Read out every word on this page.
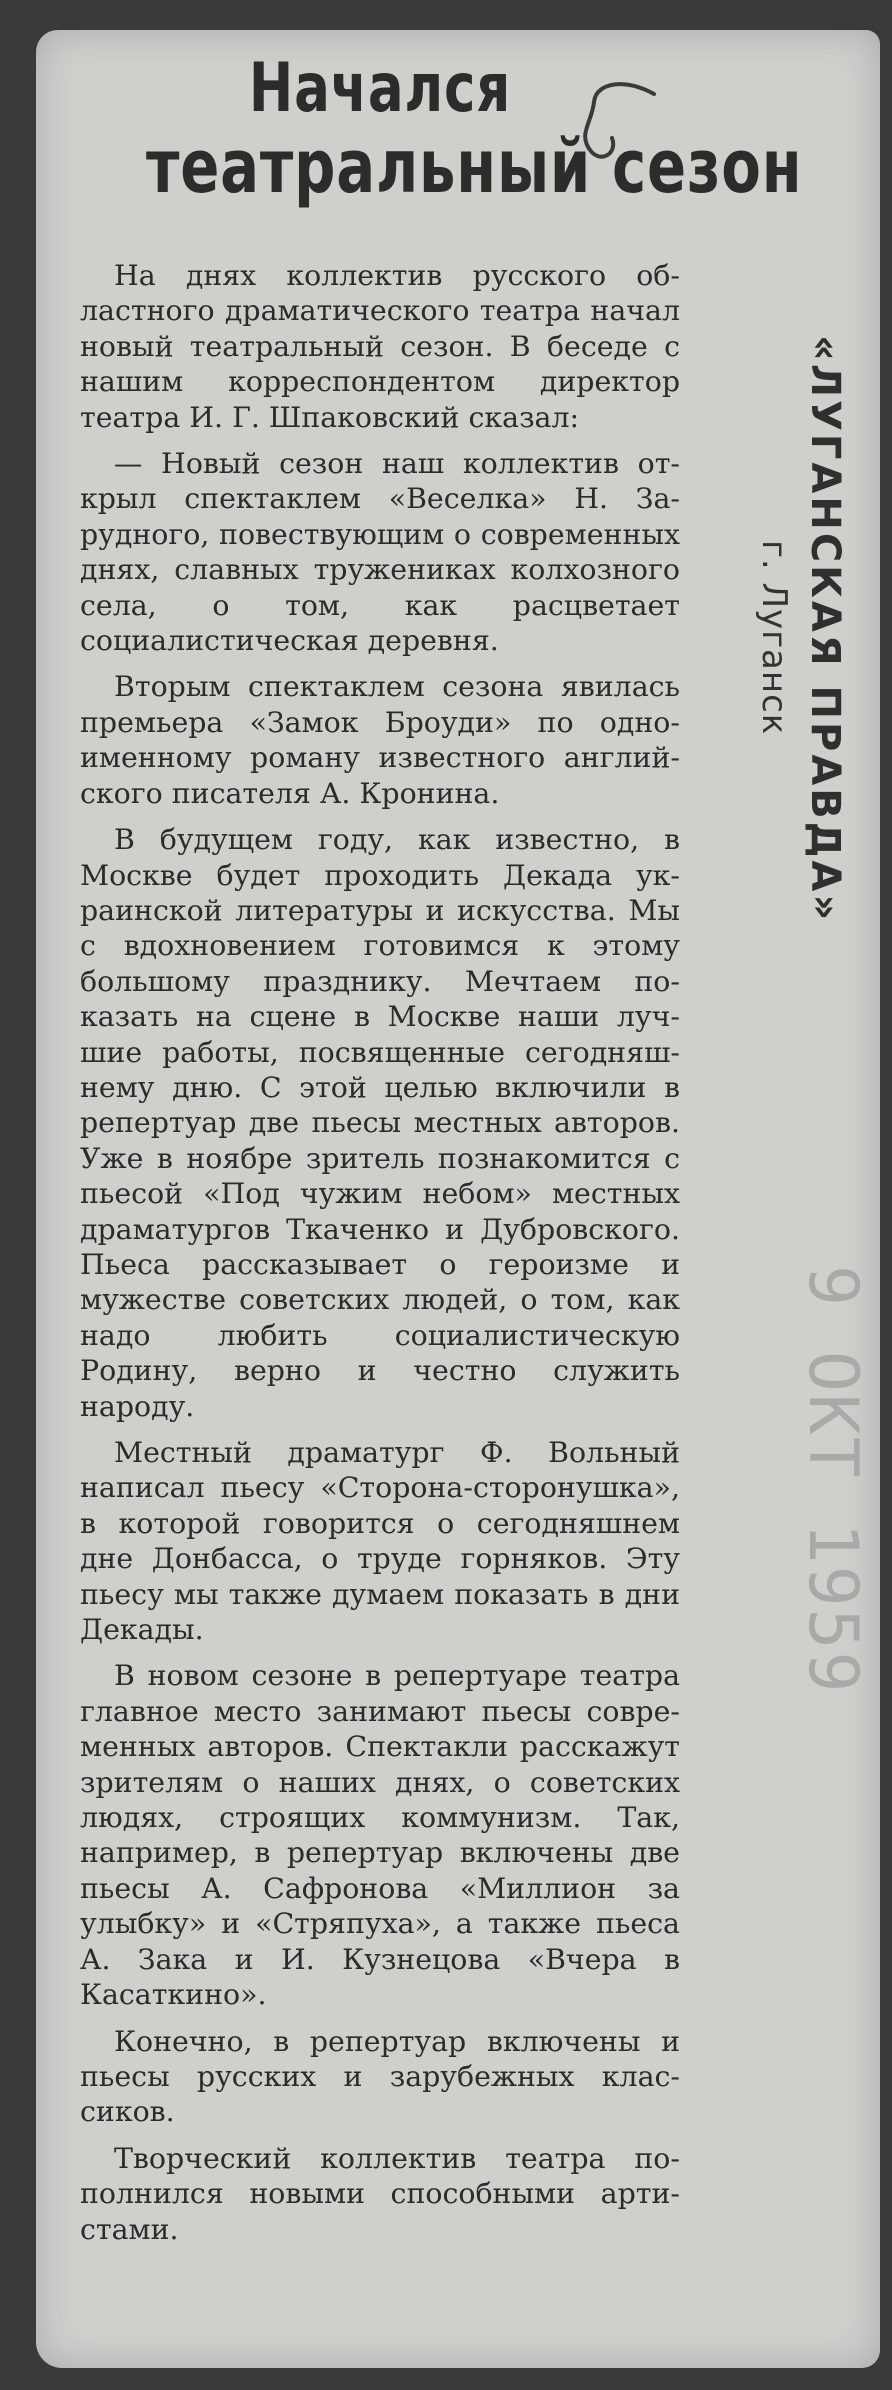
Начался
театральный сезон

На днях коллектив русского областного драматического театра начал новый театральный сезон. В беседе с нашим корреспондентом директор театра И. Г. Шпаковский сказал:

— Новый сезон наш коллектив открыл спектаклем «Веселка» Н. Зарудного, повествующим о современных днях, славных тружениках колхозного села, о том, как расцветает социалистическая деревня.

Вторым спектаклем сезона явилась премьера «Замок Броуди» по одноименному роману известного английского писателя А. Кронина.

В будущем году, как известно, в Москве будет проходить Декада украинской литературы и искусства. Мы с вдохновением готовимся к этому большому празднику. Мечтаем показать на сцене в Москве наши лучшие работы, посвященные сегодняшнему дню. С этой целью включили в репертуар две пьесы местных авторов. Уже в ноябре зритель познакомится с пьесой «Под чужим небом» местных драматургов Ткаченко и Дубровского. Пьеса рассказывает о героизме и мужестве советских людей, о том, как надо любить социалистическую Родину, верно и честно служить народу.

Местный драматург Ф. Вольный написал пьесу «Сторона-сторонушка», в которой говорится о сегодняшнем дне Донбасса, о труде горняков. Эту пьесу мы также думаем показать в дни Декады.

В новом сезоне в репертуаре театра главное место занимают пьесы современных авторов. Спектакли расскажут зрителям о наших днях, о советских людях, строящих коммунизм. Так, например, в репертуар включены две пьесы А. Сафронова «Миллион за улыбку» и «Стряпуха», а также пьеса А. Зака и И. Кузнецова «Вчера в Касаткино».

Конечно, в репертуар включены и пьесы русских и зарубежных классиков.

Творческий коллектив театра пополнился новыми способными артистами.

«ЛУГАНСКАЯ ПРАВДА»
г. Луганск
9 ОКТ 1959
